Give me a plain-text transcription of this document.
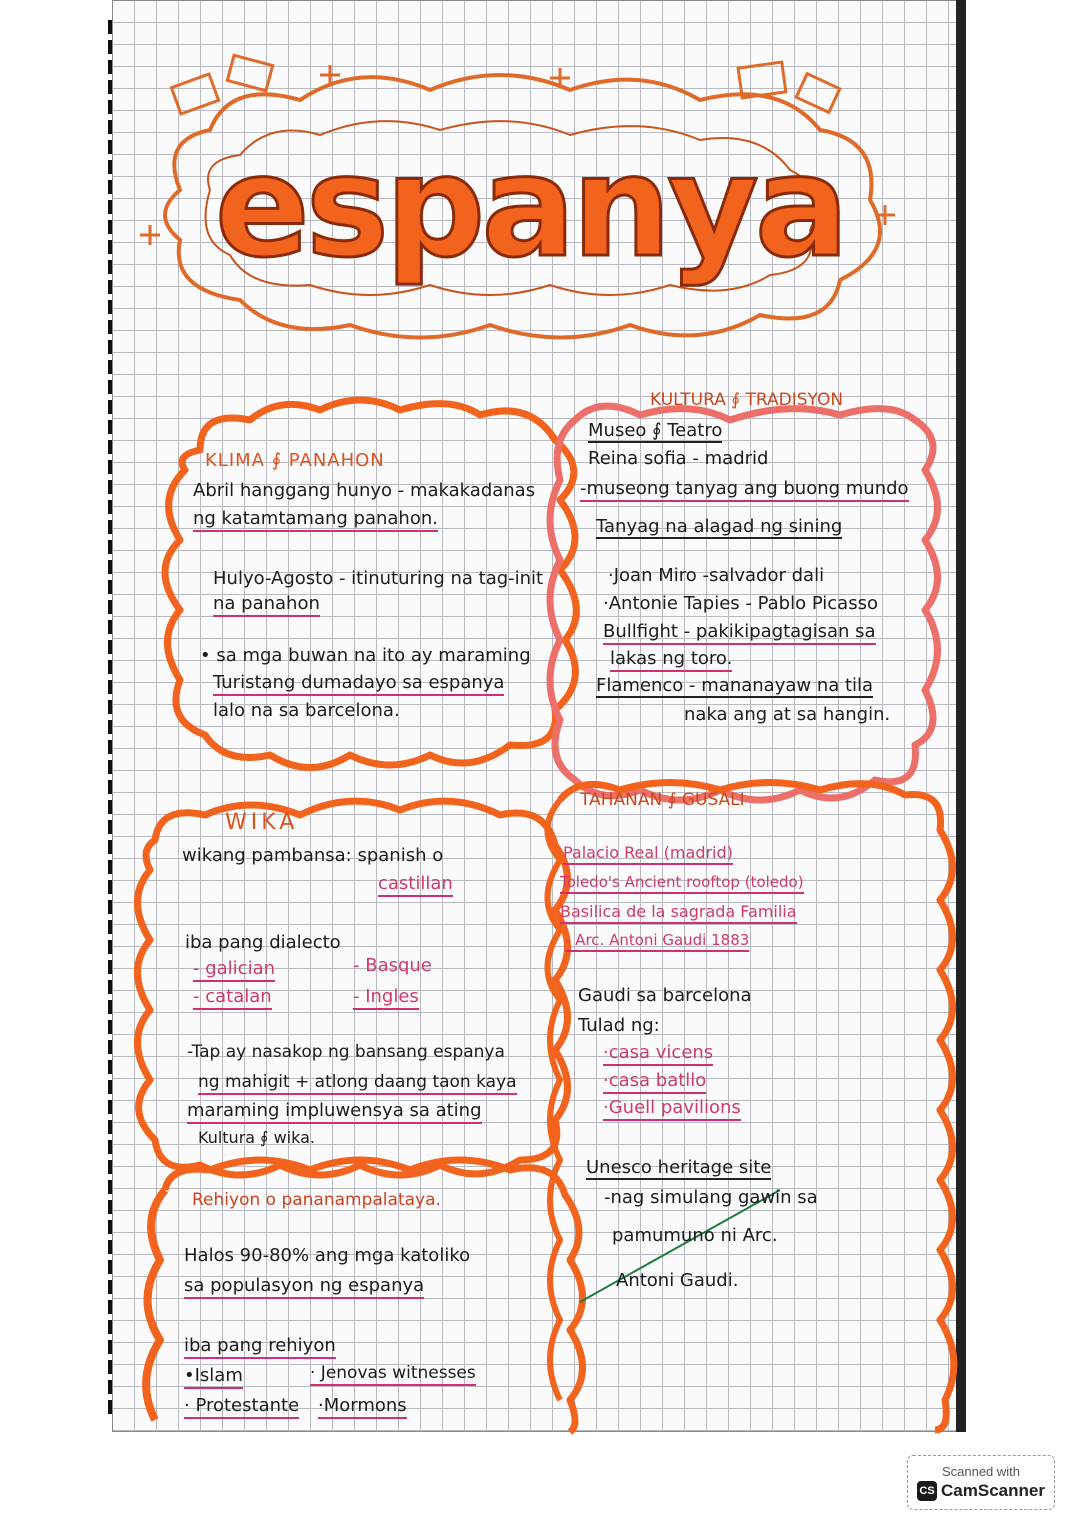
espanya
KLIMA ∮ PANAHON
Abril hanggang hunyo - makakadanas
ng katamtamang panahon.
Hulyo-Agosto - itinuturing na tag-init
na panahon
• sa mga buwan na ito ay maraming
Turistang dumadayo sa espanya
lalo na sa barcelona.
KULTURA ∮ TRADISYON
Museo ∮ Teatro
Reina sofia - madrid
-museong tanyag ang buong mundo
Tanyag na alagad ng sining
·Joan Miro -salvador dali
·Antonie Tapies - Pablo Picasso
Bullfight - pakikipagtagisan sa
lakas ng toro.
Flamenco - mananayaw na tila
naka ang at sa hangin.
WIKA
wikang pambansa: spanish o
castillan
iba pang dialecto
- galician	- Basque
- catalan	- Ingles
-Tap ay nasakop ng bansang espanya
ng mahigit + atlong daang taon kaya
maraming impluwensya sa ating
Kultura ∮ wika.
TAHANAN ∮ GUSALI
Palacio Real (madrid)
Toledo's Ancient rooftop (toledo)
Basilica de la sagrada Familia
- Arc. Antoni Gaudi 1883
Gaudi sa barcelona
Tulad ng:
·casa vicens
·casa batllo
·Guell pavilions
Unesco heritage site
-nag simulang gawin sa
pamumuno ni Arc.
Antoni Gaudi.
Rehiyon o pananampalataya.
Halos 90-80% ang mga katoliko
sa populasyon ng espanya
iba pang rehiyon
•Islam	· Jenovas witnesses
· Protestante ·Mormons
Scanned with
CS CamScanner
